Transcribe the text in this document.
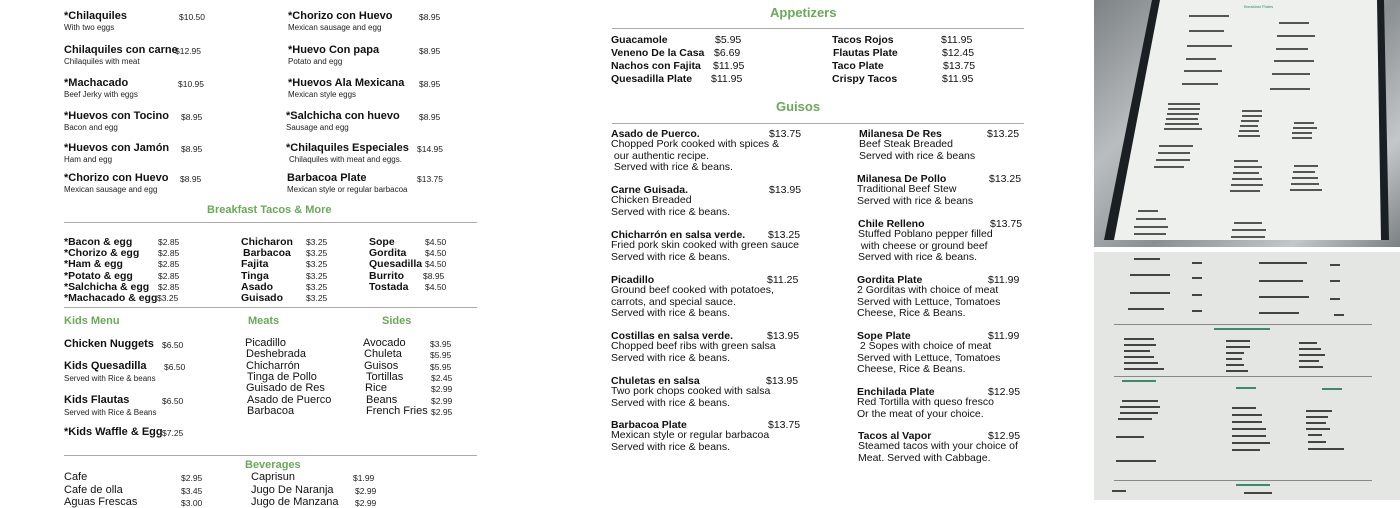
*Chilaquiles
With two eggs
$10.50
Chilaquiles con carne
Chilaquiles with meat
$12.95
*Machacado
Beef Jerky with eggs
$10.95
*Huevos con Tocino
Bacon and egg
$8.95
*Huevos con Jamón
Ham and egg
$8.95
*Chorizo con Huevo
Mexican sausage and egg
$8.95
*Chorizo con Huevo
Mexican sausage and egg
$8.95
*Huevo Con papa
Potato and egg
$8.95
*Huevos Ala Mexicana
Mexican style eggs
$8.95
*Salchicha con huevo
Sausage and egg
$8.95
*Chilaquiles Especiales
Chilaquiles with meat and eggs.
$14.95
Barbacoa Plate
Mexican style or regular barbacoa
$13.75
Breakfast Tacos & More
*Bacon & egg	$2.85
*Chorizo & egg $2.85
*Ham & egg	$2.85
*Potato & egg	$2.85
*Salchicha & egg $2.85
*Machacado & egg $3.25
Chicharon $3.25
Barbacoa $3.25
Fajita	$3.25
Tinga	$3.25
Asado	$3.25
Guisado	$3.25
Sope	$4.50
Gordita $4.50
Quesadilla $4.50
Burrito $8.95
Tostada $4.50
Kids Menu	Meats	Sides
Chicken Nuggets $6.50
Kids Quesadilla
Served with Rice & beans
$6.50
Kids Flautas
Served with Rice & Beans
$6.50
*Kids Waffle & Egg $7.25
Picadillo
Deshebrada
Chicharrón
Tinga de Pollo
Guisado de Res
Asado de Puerco
Barbacoa
Avocado	$3.95
Chuleta	$5.95
Guisos	$5.95
Tortillas	$2.45
Rice	$2.99
Beans	$2.99
French Fries $2.95
Beverages
Cafe	$2.95
Cafe de olla	$3.45
Aguas Frescas	$3.00
Caprisun	$1.99
Jugo De Naranja	$2.99
Jugo de Manzana $2.99
Appetizers
Guacamole	$5.95
Veneno De la Casa $6.69
Nachos con Fajita $11.95
Quesadilla Plate $11.95
Tacos Rojos	$11.95
Flautas Plate	$12.45
Taco Plate	$13.75
Crispy Tacos	$11.95
Guisos
Asado de Puerco.	$13.75
Chopped Pork cooked with spices &
our authentic recipe.
Served with rice & beans.
Carne Guisada.	$13.95
Chicken Breaded
Served with rice & beans.
Chicharrón en salsa verde. $13.25
Fried pork skin cooked with green sauce
Served with rice & beans.
Picadillo	$11.25
Ground beef cooked with potatoes,
carrots, and special sauce.
Served with rice & beans.
Costillas en salsa verde.	$13.95
Chopped beef ribs with green salsa
Served with rice & beans.
Chuletas en salsa	$13.95
Two pork chops cooked with salsa
Served with rice & beans.
Barbacoa Plate	$13.75
Mexican style or regular barbacoa
Served with rice & beans.
Milanesa De Res	$13.25
Beef Steak Breaded
Served with rice & beans
Milanesa De Pollo	$13.25
Traditional Beef Stew
Served with rice & beans
Chile Relleno	$13.75
Stuffed Poblano pepper filled
with cheese or ground beef
Served with rice & beans.
Gordita Plate	$11.99
2 Gorditas with choice of meat
Served with Lettuce, Tomatoes
Cheese, Rice & Beans.
Sope Plate	$11.99
2 Sopes with choice of meat
Served with Lettuce, Tomatoes
Cheese, Rice & Beans.
Enchilada Plate	$12.95
Red Tortilla with queso fresco
Or the meat of your choice.
Tacos al Vapor	$12.95
Steamed tacos with your choice of
Meat. Served with Cabbage.
Breakfast Plates
